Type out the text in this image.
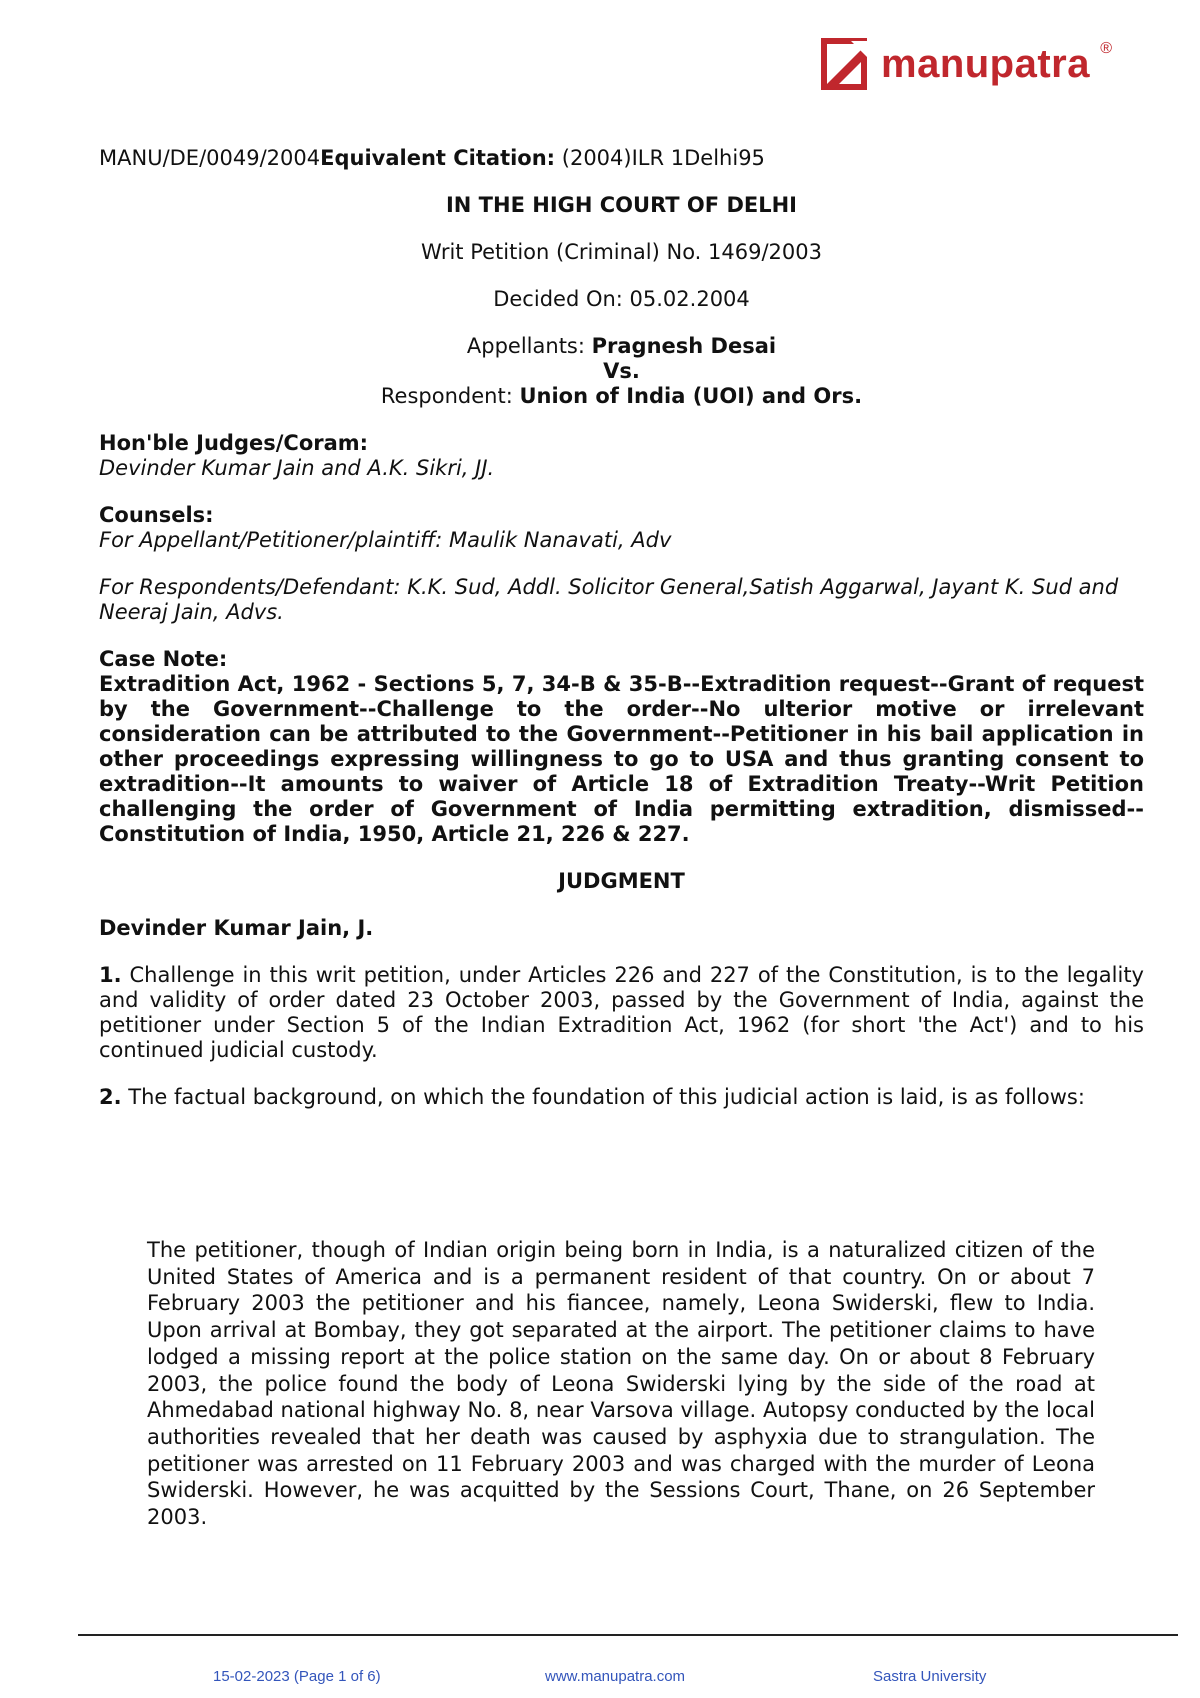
manupatra ®

MANU/DE/0049/2004Equivalent Citation: (2004)ILR 1Delhi95

IN THE HIGH COURT OF DELHI

Writ Petition (Criminal) No. 1469/2003

Decided On: 05.02.2004

Appellants: Pragnesh Desai
Vs.
Respondent: Union of India (UOI) and Ors.
Hon'ble Judges/Coram:
Devinder Kumar Jain and A.K. Sikri, JJ.
Counsels:

For Appellant/Petitioner/plaintiff: Maulik Nanavati, Adv

For Respondents/Defendant: K.K. Sud, Addl. Solicitor General,Satish Aggarwal, Jayant K. Sud and Neeraj Jain, Advs.

Case Note:

Extradition Act, 1962 - Sections 5, 7, 34-B & 35-B--Extradition request--Grant of request by the Government--Challenge to the order--No ulterior motive or irrelevant consideration can be attributed to the Government--Petitioner in his bail application in other proceedings expressing willingness to go to USA and thus granting consent to extradition--It amounts to waiver of Article 18 of Extradition Treaty--Writ Petition challenging the order of Government of India permitting extradition, dismissed--Constitution of India, 1950, Article 21, 226 & 227.

JUDGMENT

Devinder Kumar Jain, J.

1. Challenge in this writ petition, under Articles 226 and 227 of the Constitution, is to the legality and validity of order dated 23 October 2003, passed by the Government of India, against the petitioner under Section 5 of the Indian Extradition Act, 1962 (for short 'the Act') and to his continued judicial custody.

2. The factual background, on which the foundation of this judicial action is laid, is as follows:

The petitioner, though of Indian origin being born in India, is a naturalized citizen of the United States of America and is a permanent resident of that country. On or about 7 February 2003 the petitioner and his fiancee, namely, Leona Swiderski, flew to India. Upon arrival at Bombay, they got separated at the airport. The petitioner claims to have lodged a missing report at the police station on the same day. On or about 8 February 2003, the police found the body of Leona Swiderski lying by the side of the road at Ahmedabad national highway No. 8, near Varsova village. Autopsy conducted by the local authorities revealed that her death was caused by asphyxia due to strangulation. The petitioner was arrested on 11 February 2003 and was charged with the murder of Leona Swiderski. However, he was acquitted by the Sessions Court, Thane, on 26 September 2003.

15-02-2023 (Page 1 of 6)	www.manupatra.com	Sastra University
